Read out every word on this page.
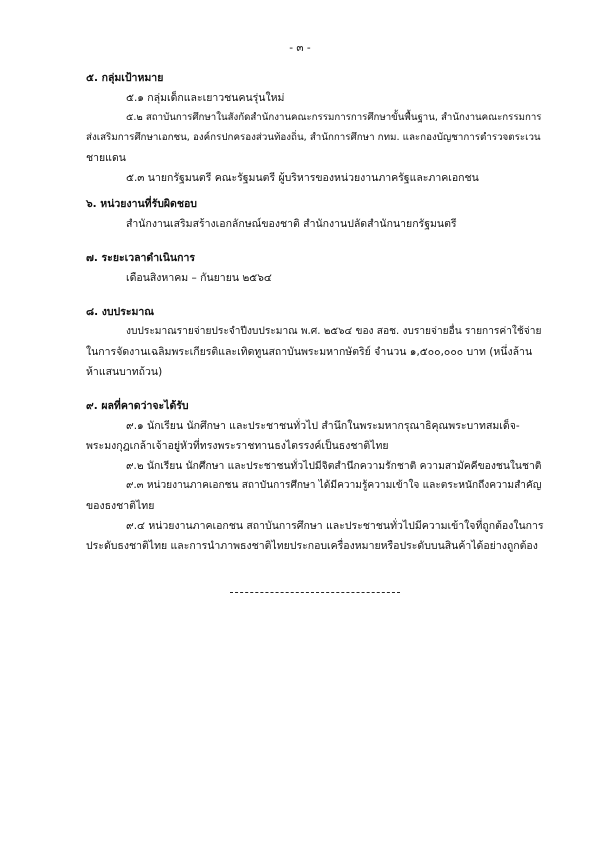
- ๓ -
๕. กลุ่มเป้าหมาย
๕.๑ กลุ่มเด็กและเยาวชนคนรุ่นใหม่
๕.๒ สถาบันการศึกษาในสังกัดสำนักงานคณะกรรมการการศึกษาขั้นพื้นฐาน, สำนักงานคณะกรรมการ
ส่งเสริมการศึกษาเอกชน, องค์กรปกครองส่วนท้องถิ่น, สำนักการศึกษา กทม. และกองบัญชาการตำรวจตระเวน
ชายแดน
๕.๓ นายกรัฐมนตรี คณะรัฐมนตรี ผู้บริหารของหน่วยงานภาครัฐและภาคเอกชน
๖. หน่วยงานที่รับผิดชอบ
สำนักงานเสริมสร้างเอกลักษณ์ของชาติ สำนักงานปลัดสำนักนายกรัฐมนตรี
๗. ระยะเวลาดำเนินการ
เดือนสิงหาคม – กันยายน ๒๕๖๔
๘. งบประมาณ
งบประมาณรายจ่ายประจำปีงบประมาณ พ.ศ. ๒๕๖๔ ของ สอช. งบรายจ่ายอื่น รายการค่าใช้จ่าย
ในการจัดงานเฉลิมพระเกียรติและเทิดทูนสถาบันพระมหากษัตริย์ จำนวน ๑,๕๐๐,๐๐๐ บาท (หนึ่งล้าน
ห้าแสนบาทถ้วน)
๙. ผลที่คาดว่าจะได้รับ
๙.๑ นักเรียน นักศึกษา และประชาชนทั่วไป สำนึกในพระมหากรุณาธิคุณพระบาทสมเด็จ-
พระมงกุฎเกล้าเจ้าอยู่หัวที่ทรงพระราชทานธงไตรรงค์เป็นธงชาติไทย
๙.๒ นักเรียน นักศึกษา และประชาชนทั่วไปมีจิตสำนึกความรักชาติ ความสามัคคีของชนในชาติ
๙.๓ หน่วยงานภาคเอกชน สถาบันการศึกษา ได้มีความรู้ความเข้าใจ และตระหนักถึงความสำคัญ
ของธงชาติไทย
๙.๔ หน่วยงานภาคเอกชน สถาบันการศึกษา และประชาชนทั่วไปมีความเข้าใจที่ถูกต้องในการ
ประดับธงชาติไทย และการนำภาพธงชาติไทยประกอบเครื่องหมายหรือประดับบนสินค้าได้อย่างถูกต้อง
